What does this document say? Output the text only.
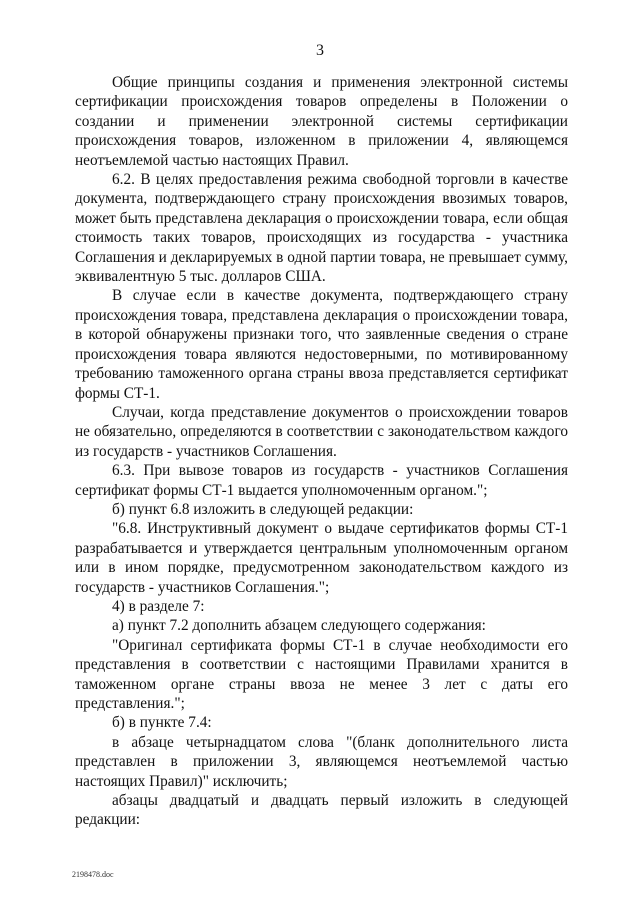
3

Общие принципы создания и применения электронной системы сертификации происхождения товаров определены в Положении о создании и применении электронной системы сертификации происхождения товаров, изложенном в приложении 4, являющемся неотъемлемой частью настоящих Правил.

6.2. В целях предоставления режима свободной торговли в качестве документа, подтверждающего страну происхождения ввозимых товаров, может быть представлена декларация о происхождении товара, если общая стоимость таких товаров, происходящих из государства - участника Соглашения и декларируемых в одной партии товара, не превышает сумму, эквивалентную 5 тыс. долларов США.

В случае если в качестве документа, подтверждающего страну происхождения товара, представлена декларация о происхождении товара, в которой обнаружены признаки того, что заявленные сведения о стране происхождения товара являются недостоверными, по мотивированному требованию таможенного органа страны ввоза представляется сертификат формы СТ-1.

Случаи, когда представление документов о происхождении товаров не обязательно, определяются в соответствии с законодательством каждого из государств - участников Соглашения.

6.3. При вывозе товаров из государств - участников Соглашения сертификат формы СТ-1 выдается уполномоченным органом.";

б) пункт 6.8 изложить в следующей редакции:

"6.8. Инструктивный документ о выдаче сертификатов формы СТ-1 разрабатывается и утверждается центральным уполномоченным органом или в ином порядке, предусмотренном законодательством каждого из государств - участников Соглашения.";

4) в разделе 7:

а) пункт 7.2 дополнить абзацем следующего содержания:

"Оригинал сертификата формы СТ-1 в случае необходимости его представления в соответствии с настоящими Правилами хранится в таможенном органе страны ввоза не менее 3 лет с даты его представления.";

б) в пункте 7.4:

в абзаце четырнадцатом слова "(бланк дополнительного листа представлен в приложении 3, являющемся неотъемлемой частью настоящих Правил)" исключить;

абзацы двадцатый и двадцать первый изложить в следующей редакции:

2198478.doc
